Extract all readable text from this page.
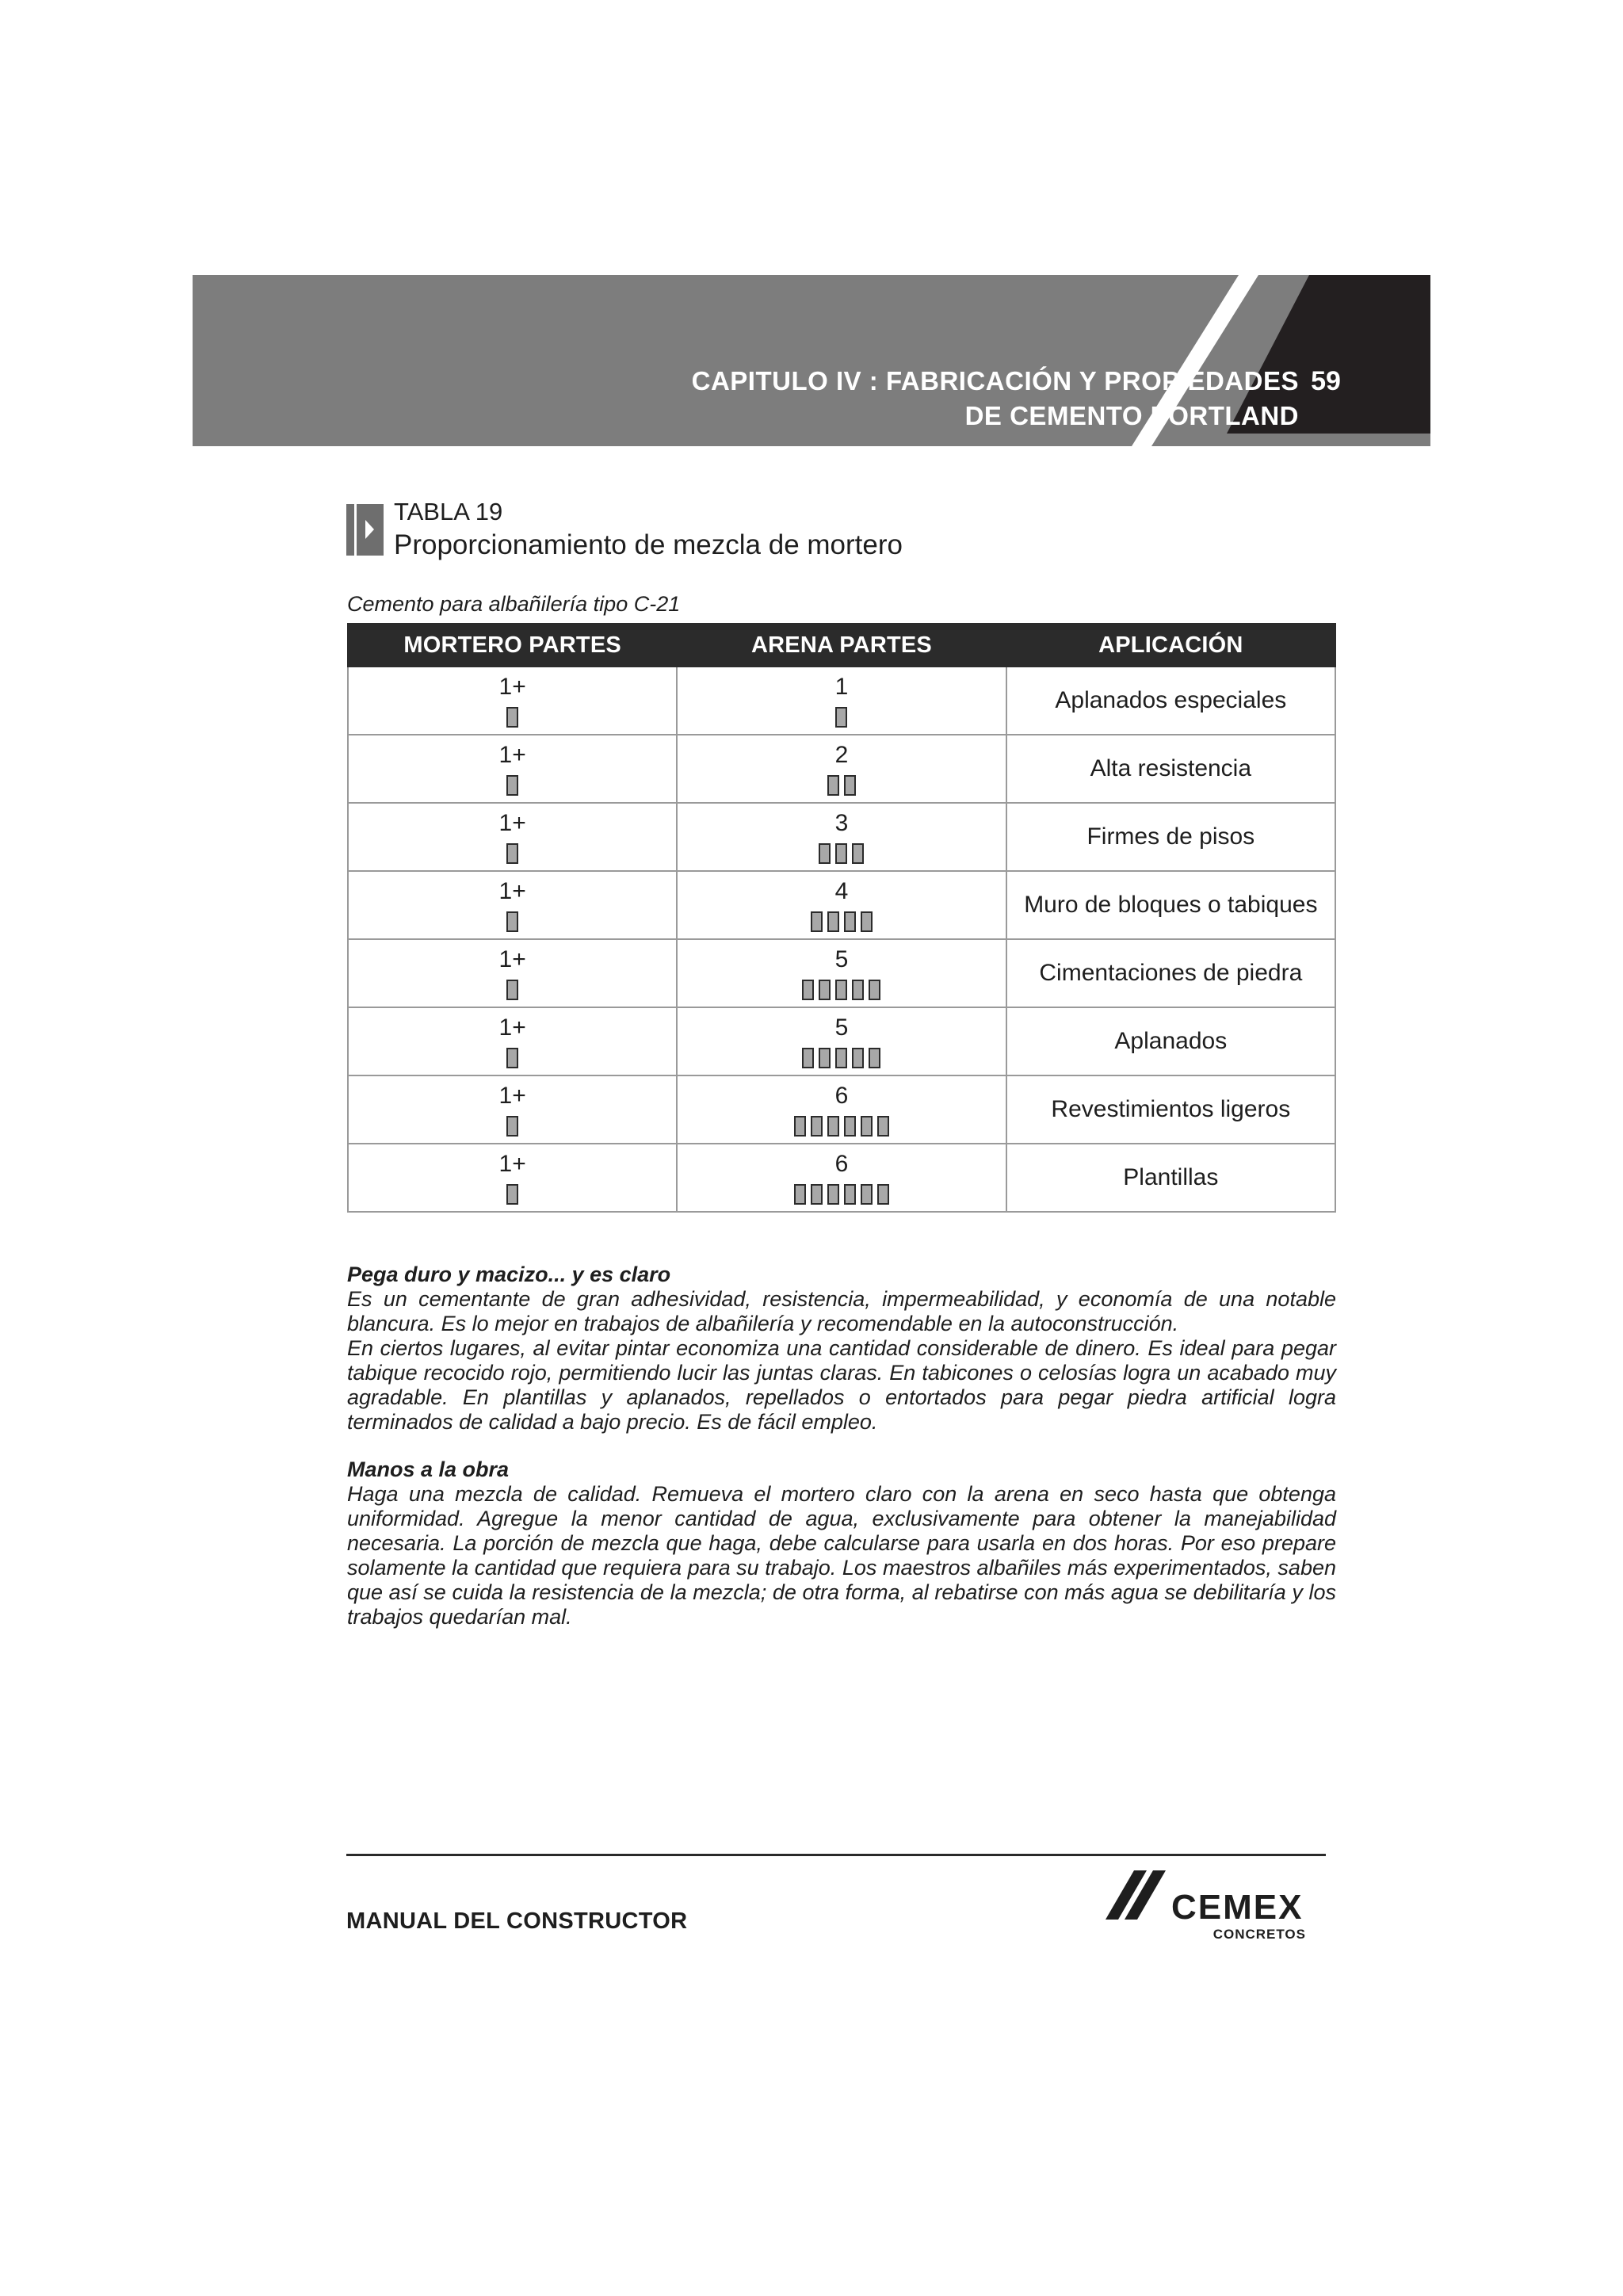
CAPITULO IV : FABRICACIÓN Y PROPIEDADES
DE CEMENTO PORTLAND
59
TABLA 19
Proporcionamiento de mezcla de mortero
Cemento para albañilería tipo C-21
MORTERO PARTES	ARENA PARTES	APLICACIÓN

1+	1	Aplanados especiales

1+	2	Alta resistencia

1+	3	Firmes de pisos

1+	4	Muro de bloques o tabiques

1+	5	Cimentaciones de piedra

1+	5	Aplanados

1+	6	Revestimientos ligeros

1+	6	Plantillas
Pega duro y macizo... y es claro

Es un cementante de gran adhesividad, resistencia, impermeabilidad, y economía de una notable blancura. Es lo mejor en trabajos de albañilería y recomendable en la autoconstrucción.

En ciertos lugares, al evitar pintar economiza una cantidad considerable de dinero. Es ideal para pegar tabique recocido rojo, permitiendo lucir las juntas claras. En tabicones o celosías logra un acabado muy agradable. En plantillas y aplanados, repellados o entortados para pegar piedra artificial logra terminados de calidad a bajo precio. Es de fácil empleo.

Manos a la obra

Haga una mezcla de calidad. Remueva el mortero claro con la arena en seco hasta que obtenga uniformidad. Agregue la menor cantidad de agua, exclusivamente para obtener la manejabilidad necesaria. La porción de mezcla que haga, debe calcularse para usarla en dos horas. Por eso prepare solamente la cantidad que requiera para su trabajo. Los maestros albañiles más experimentados, saben que así se cuida la resistencia de la mezcla; de otra forma, al rebatirse con más agua se debilitaría y los trabajos quedarían mal.

MANUAL DEL CONSTRUCTOR	CEMEX
CONCRETOS
